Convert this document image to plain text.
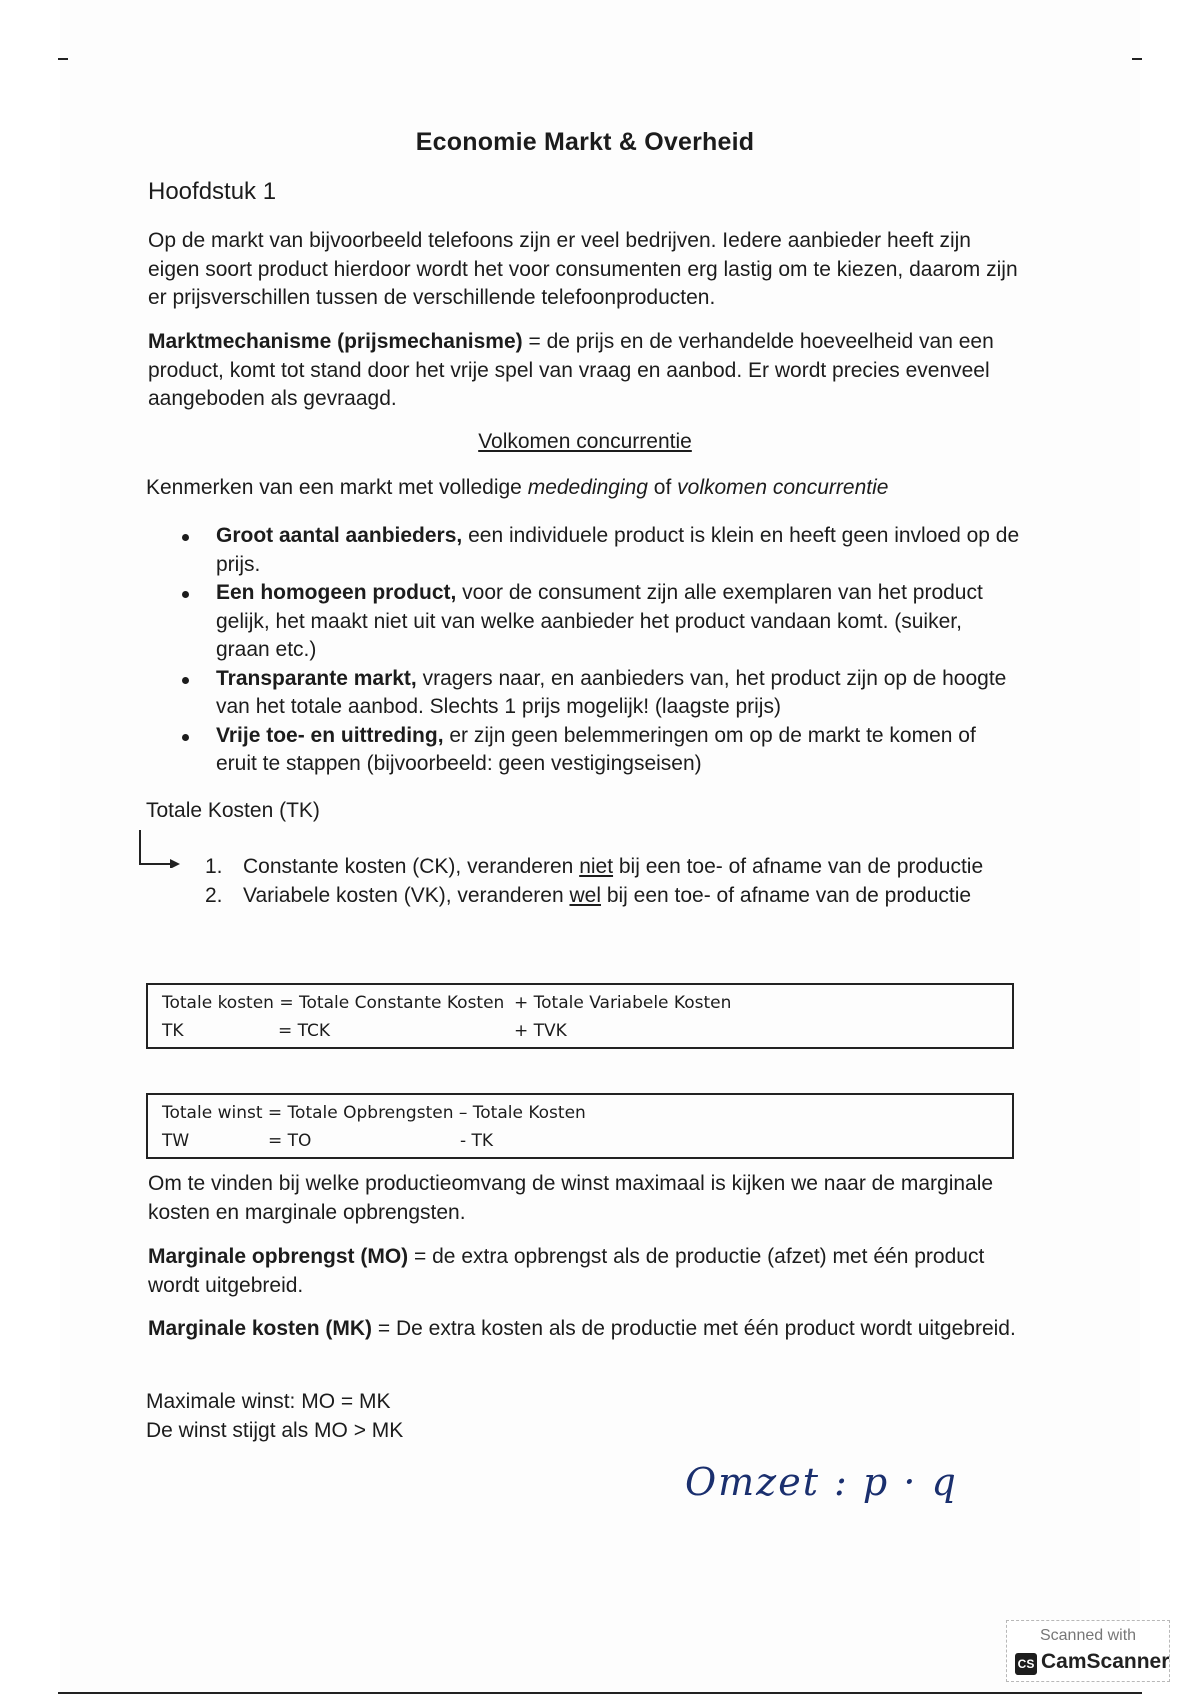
Economie Markt & Overheid
Hoofdstuk 1
Op de markt van bijvoorbeeld telefoons zijn er veel bedrijven. Iedere aanbieder heeft zijn eigen soort product hierdoor wordt het voor consumenten erg lastig om te kiezen, daarom zijn er prijsverschillen tussen de verschillende telefoonproducten.
Marktmechanisme (prijsmechanisme) = de prijs en de verhandelde hoeveelheid van een product, komt tot stand door het vrije spel van vraag en aanbod. Er wordt precies evenveel aangeboden als gevraagd.
Volkomen concurrentie
Kenmerken van een markt met volledige mededinging of volkomen concurrentie
Groot aantal aanbieders, een individuele product is klein en heeft geen invloed op de prijs.
Een homogeen product, voor de consument zijn alle exemplaren van het product gelijk, het maakt niet uit van welke aanbieder het product vandaan komt. (suiker, graan etc.)
Transparante markt, vragers naar, en aanbieders van, het product zijn op de hoogte van het totale aanbod. Slechts 1 prijs mogelijk! (laagste prijs)
Vrije toe- en uittreding, er zijn geen belemmeringen om op de markt te komen of eruit te stappen (bijvoorbeeld: geen vestigingseisen)
Totale Kosten (TK)
1. Constante kosten (CK), veranderen niet bij een toe- of afname van de productie
2. Variabele kosten (VK), veranderen wel bij een toe- of afname van de productie
Totale kosten = Totale Constante Kosten + Totale Variabele Kosten
TK	= TCK	+ TVK
Totale winst = Totale Opbrengsten – Totale Kosten
TW	= TO	- TK
Om te vinden bij welke productieomvang de winst maximaal is kijken we naar de marginale kosten en marginale opbrengsten.
Marginale opbrengst (MO) = de extra opbrengst als de productie (afzet) met één product wordt uitgebreid.
Marginale kosten (MK) = De extra kosten als de productie met één product wordt uitgebreid.
Maximale winst: MO = MK
De winst stijgt als MO > MK
Omzet : p · q
Scanned with
CS CamScanner
